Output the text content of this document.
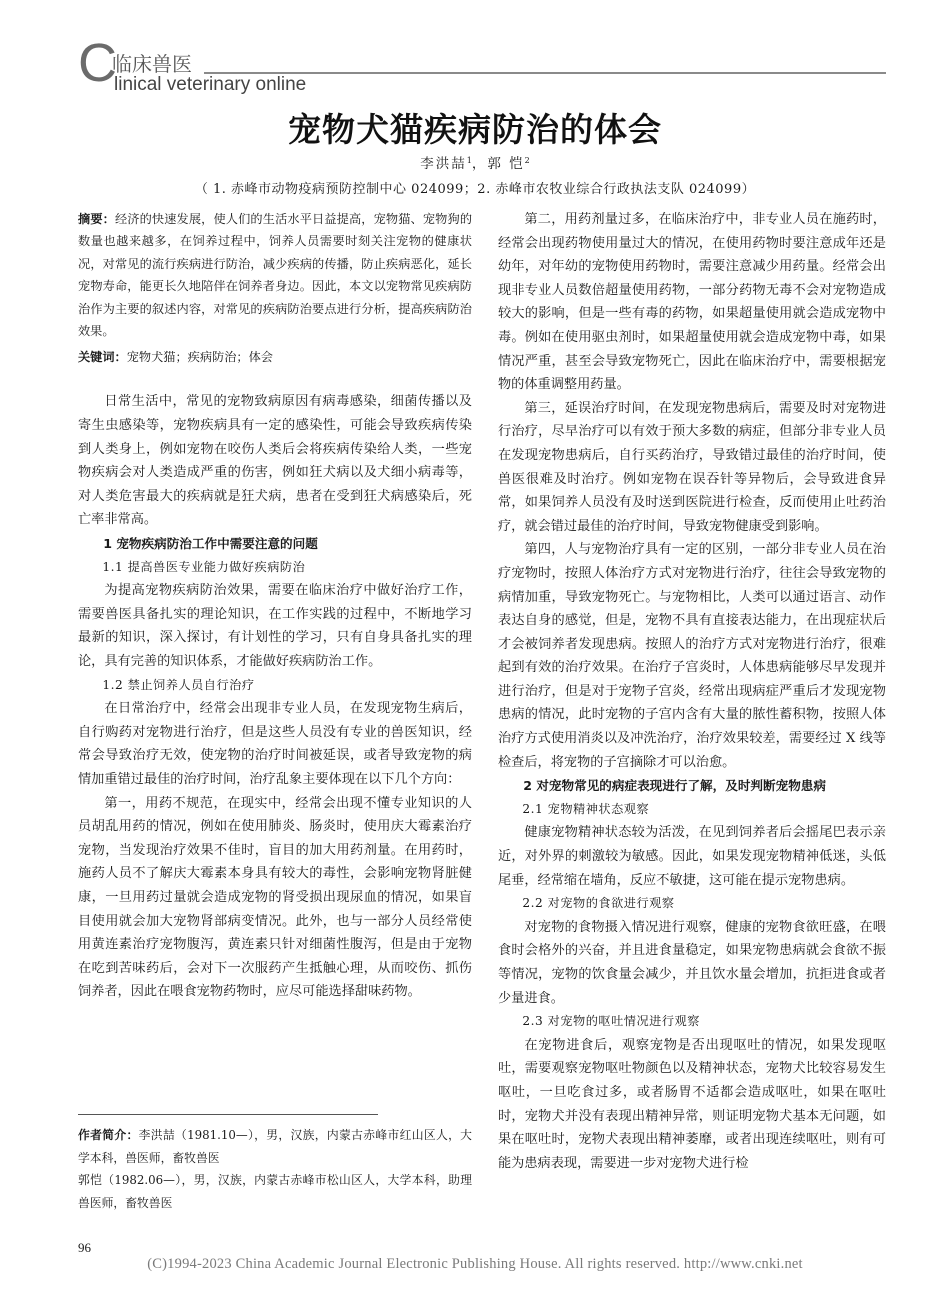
C
临床兽医
linical veterinary online
宠物犬猫疾病防治的体会
李洪喆$^1$，郭 恺$^2$
（ 1. 赤峰市动物疫病预防控制中心 024099；2. 赤峰市农牧业综合行政执法支队 024099）

摘要：经济的快速发展，使人们的生活水平日益提高，宠物猫、宠物狗的数量也越来越多，在饲养过程中，饲养人员需要时刻关注宠物的健康状况，对常见的流行疾病进行防治，减少疾病的传播，防止疾病恶化，延长宠物寿命，能更长久地陪伴在饲养者身边。因此，本文以宠物常见疾病防治作为主要的叙述内容，对常见的疾病防治要点进行分析，提高疾病防治效果。

关键词：宠物犬猫；疾病防治；体会

日常生活中，常见的宠物致病原因有病毒感染，细菌传播以及寄生虫感染等，宠物疾病具有一定的感染性，可能会导致疾病传染到人类身上，例如宠物在咬伤人类后会将疾病传染给人类，一些宠物疾病会对人类造成严重的伤害，例如狂犬病以及犬细小病毒等，对人类危害最大的疾病就是狂犬病，患者在受到狂犬病感染后，死亡率非常高。

1 宠物疾病防治工作中需要注意的问题

1.1 提高兽医专业能力做好疾病防治

为提高宠物疾病防治效果，需要在临床治疗中做好治疗工作，需要兽医具备扎实的理论知识，在工作实践的过程中，不断地学习最新的知识，深入探讨，有计划性的学习，只有自身具备扎实的理论，具有完善的知识体系，才能做好疾病防治工作。

1.2 禁止饲养人员自行治疗

在日常治疗中，经常会出现非专业人员，在发现宠物生病后，自行购药对宠物进行治疗，但是这些人员没有专业的兽医知识，经常会导致治疗无效，使宠物的治疗时间被延误，或者导致宠物的病情加重错过最佳的治疗时间，治疗乱象主要体现在以下几个方向：

第一，用药不规范，在现实中，经常会出现不懂专业知识的人员胡乱用药的情况，例如在使用肺炎、肠炎时，使用庆大霉素治疗宠物，当发现治疗效果不佳时，盲目的加大用药剂量。在用药时，施药人员不了解庆大霉素本身具有较大的毒性，会影响宠物肾脏健康，一旦用药过量就会造成宠物的肾受损出现尿血的情况，如果盲目使用就会加大宠物肾部病变情况。此外，也与一部分人员经常使用黄连素治疗宠物腹泻，黄连素只针对细菌性腹泻，但是由于宠物在吃到苦味药后，会对下一次服药产生抵触心理，从而咬伤、抓伤饲养者，因此在喂食宠物药物时，应尽可能选择甜味药物。

作者简介：李洪喆（1981.10—），男，汉族，内蒙古赤峰市红山区人，大学本科，兽医师，畜牧兽医

郭恺（1982.06—），男，汉族，内蒙古赤峰市松山区人，大学本科，助理兽医师，畜牧兽医

第二，用药剂量过多，在临床治疗中，非专业人员在施药时，经常会出现药物使用量过大的情况，在使用药物时要注意成年还是幼年，对年幼的宠物使用药物时，需要注意减少用药量。经常会出现非专业人员数倍超量使用药物，一部分药物无毒不会对宠物造成较大的影响，但是一些有毒的药物，如果超量使用就会造成宠物中毒。例如在使用驱虫剂时，如果超量使用就会造成宠物中毒，如果情况严重，甚至会导致宠物死亡，因此在临床治疗中，需要根据宠物的体重调整用药量。

第三，延误治疗时间，在发现宠物患病后，需要及时对宠物进行治疗，尽早治疗可以有效于预大多数的病症，但部分非专业人员在发现宠物患病后，自行买药治疗，导致错过最佳的治疗时间，使兽医很难及时治疗。例如宠物在误吞针等异物后，会导致进食异常，如果饲养人员没有及时送到医院进行检查，反而使用止吐药治疗，就会错过最佳的治疗时间，导致宠物健康受到影响。

第四，人与宠物治疗具有一定的区别，一部分非专业人员在治疗宠物时，按照人体治疗方式对宠物进行治疗，往往会导致宠物的病情加重，导致宠物死亡。与宠物相比，人类可以通过语言、动作表达自身的感觉，但是，宠物不具有直接表达能力，在出现症状后才会被饲养者发现患病。按照人的治疗方式对宠物进行治疗，很难起到有效的治疗效果。在治疗子宫炎时，人体患病能够尽早发现并进行治疗，但是对于宠物子宫炎，经常出现病症严重后才发现宠物患病的情况，此时宠物的子宫内含有大量的脓性蓄积物，按照人体治疗方式使用消炎以及冲洗治疗，治疗效果较差，需要经过 X 线等检查后，将宠物的子宫摘除才可以治愈。

2 对宠物常见的病症表现进行了解，及时判断宠物患病

2.1 宠物精神状态观察

健康宠物精神状态较为活泼，在见到饲养者后会摇尾巴表示亲近，对外界的刺激较为敏感。因此，如果发现宠物精神低迷，头低尾垂，经常缩在墙角，反应不敏捷，这可能在提示宠物患病。

2.2 对宠物的食欲进行观察

对宠物的食物摄入情况进行观察，健康的宠物食欲旺盛，在喂食时会格外的兴奋，并且进食量稳定，如果宠物患病就会食欲不振等情况，宠物的饮食量会减少，并且饮水量会增加，抗拒进食或者少量进食。

2.3 对宠物的呕吐情况进行观察

在宠物进食后，观察宠物是否出现呕吐的情况，如果发现呕吐，需要观察宠物呕吐物颜色以及精神状态，宠物犬比较容易发生呕吐，一旦吃食过多，或者肠胃不适都会造成呕吐，如果在呕吐时，宠物犬并没有表现出精神异常，则证明宠物犬基本无问题，如果在呕吐时，宠物犬表现出精神萎靡，或者出现连续呕吐，则有可能为患病表现，需要进一步对宠物犬进行检

96
(C)1994-2023 China Academic Journal Electronic Publishing House. All rights reserved. http://www.cnki.net
